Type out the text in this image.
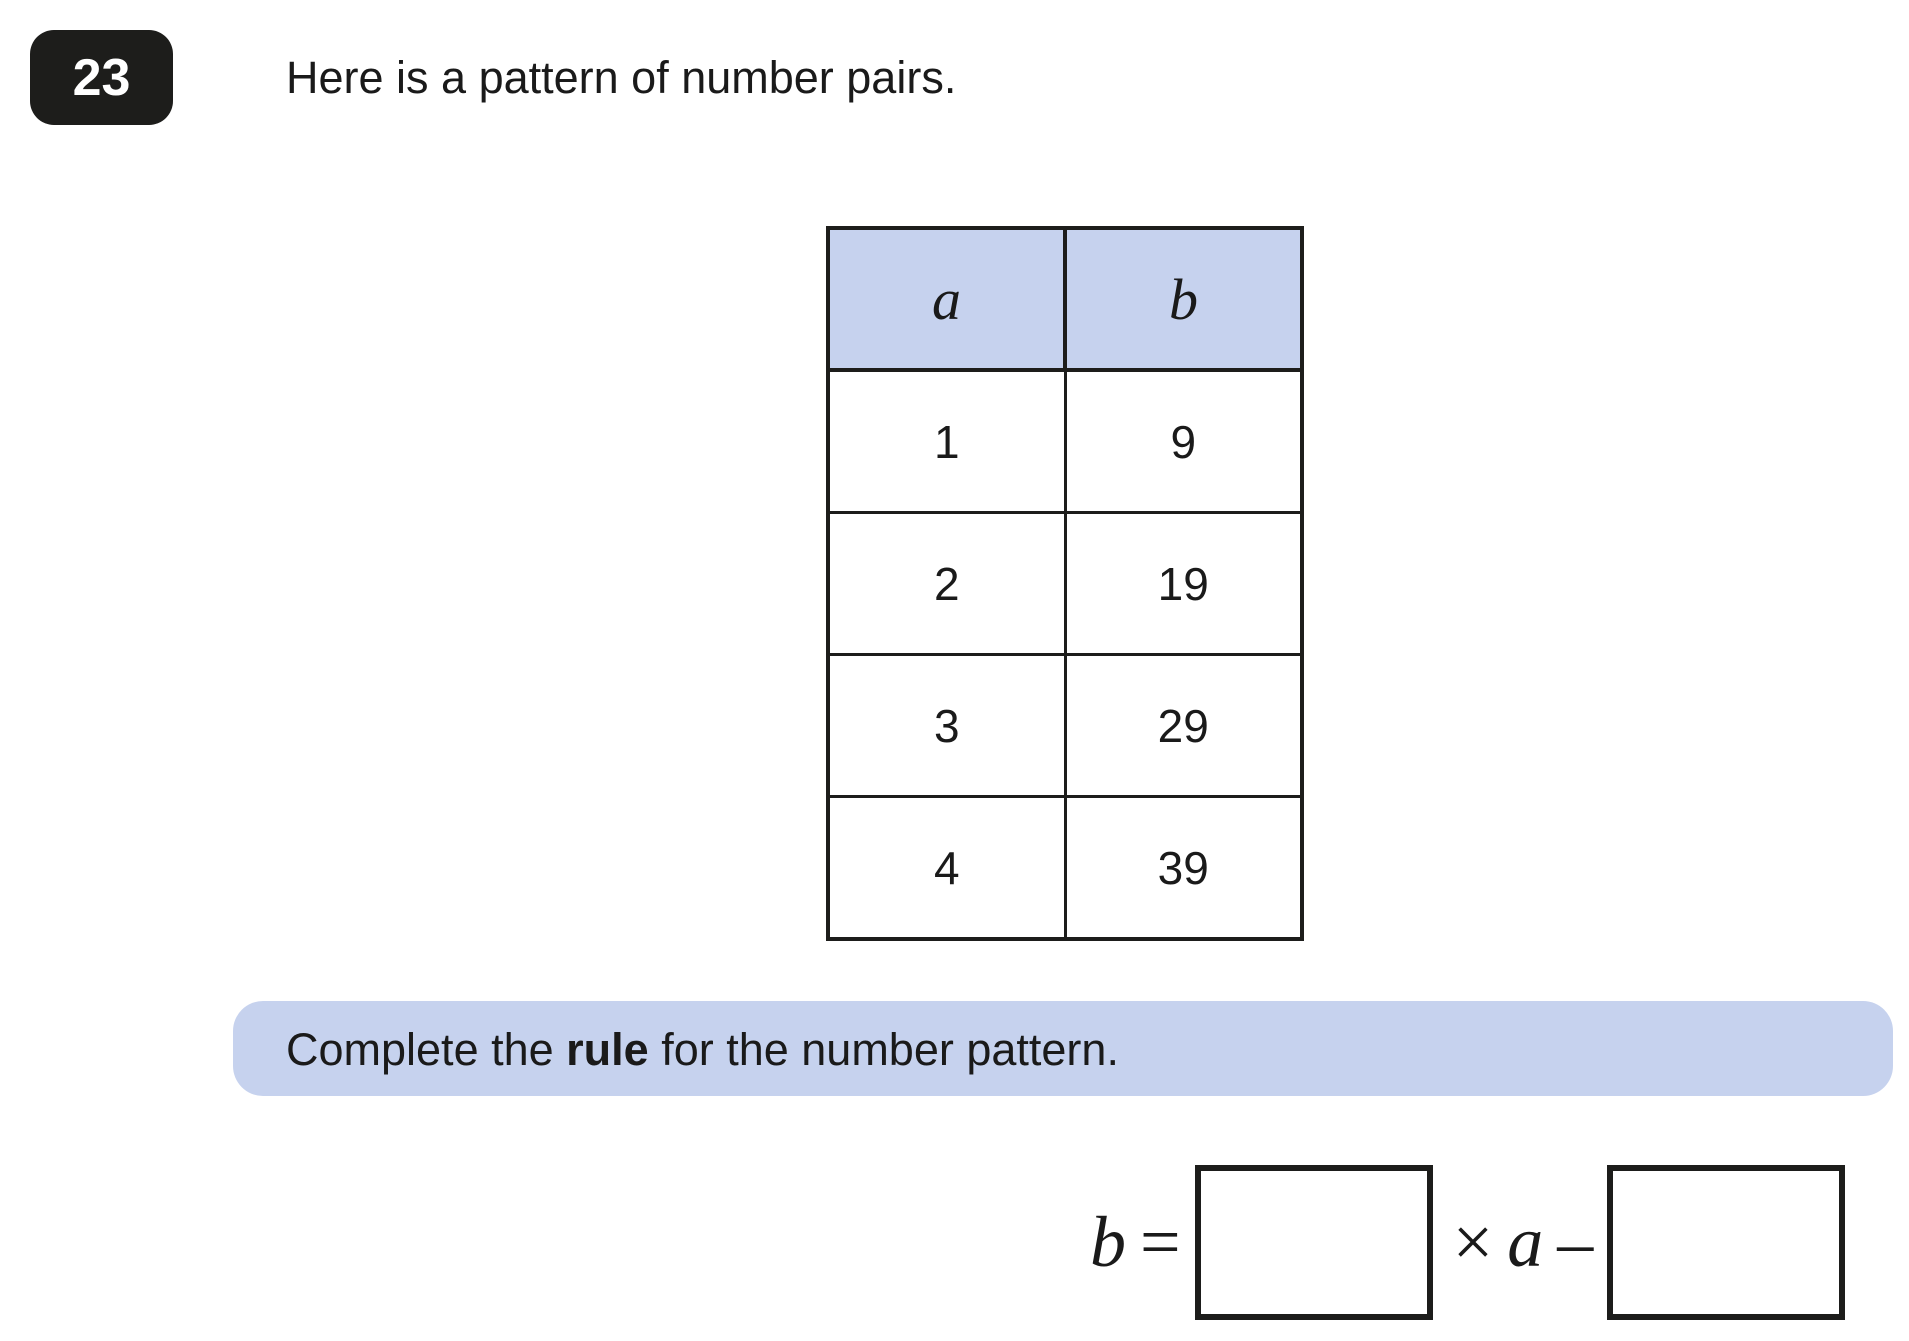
23	Here is a pattern of number pairs.
a	b
1	9
2	19
3	29
4	39
Complete the rule for the number pattern.
b =	× a –
